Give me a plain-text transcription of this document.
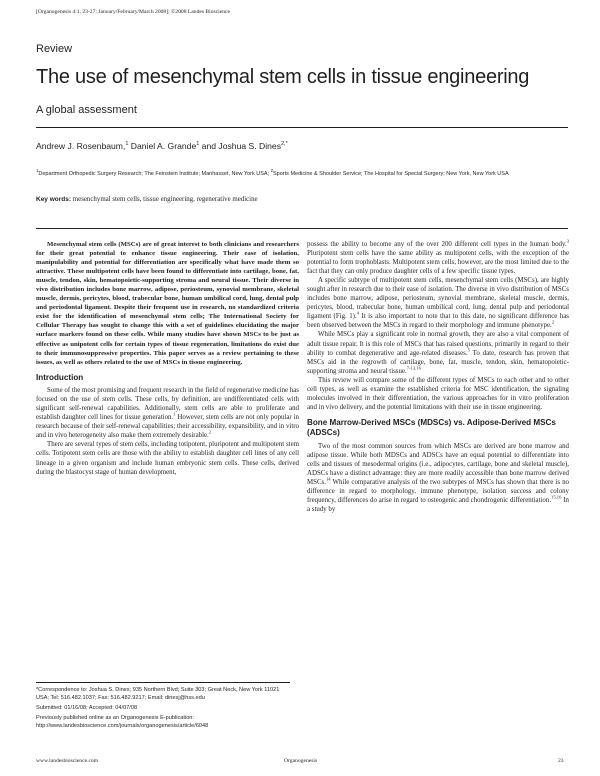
[Organogenesis 4:1, 23-27; January/February/March 2008]; ©2008 Landes Bioscience
Review
The use of mesenchymal stem cells in tissue engineering
A global assessment
Andrew J. Rosenbaum,$^1$ Daniel A. Grande$^1$ and Joshua S. Dines$^{2,*}$
$^1$Department Orthopedic Surgery Research; The Feinstein Institute; Manhasset, New York USA; $^2$Sports Medicine & Shoulder Service; The Hospital for Special Surgery; New York, New York USA
Key words: mesenchymal stem cells, tissue engineering, regenerative medicine

Mesenchymal stem cells (MSCs) are of great interest to both clinicians and researchers for their great potential to enhance tissue engineering. Their ease of isolation, manipulability and potential for differentiation are specifically what have made them so attractive. These multipotent cells have been found to differentiate into cartilage, bone, fat, muscle, tendon, skin, hematopoietic-supporting stroma and neural tissue. Their diverse in vivo distribution includes bone marrow, adipose, periosteum, synovial membrane, skeletal muscle, dermis, pericytes, blood, trabecular bone, human umbilical cord, lung, dental pulp and periodontal ligament. Despite their frequent use in research, no standardized criteria exist for the identification of mesenchymal stem cells; The International Society for Cellular Therapy has sought to change this with a set of guidelines elucidating the major surface markers found on these cells. While many studies have shown MSCs to be just as effective as unipotent cells for certain types of tissue regeneration, limitations do exist due to their immunosuppressive properties. This paper serves as a review pertaining to these issues, as well as others related to the use of MSCs in tissue engineering.

Introduction

Some of the most promising and frequent research in the field of regenerative medicine has focused on the use of stem cells. These cells, by definition, are undifferentiated cells with significant self-renewal capabilities. Additionally, stem cells are able to proliferate and establish daughter cell lines for tissue generation.$^1$ However, stem cells are not only popular in research because of their self-renewal capabilities; their accessibility, expansibility, and in vitro and in vivo heterogeneity also make them extremely desirable.$^2$

There are several types of stem cells, including totipotent, pluripotent and multipotent stem cells. Totipotent stem cells are those with the ability to establish daughter cell lines of any cell lineage in a given organism and include human embryonic stem cells. These cells, derived during the blastocyst stage of human development,

possess the ability to become any of the over 200 different cell types in the human body.$^3$ Pluripotent stem cells have the same ability as multipotent cells, with the exception of the potential to form trophoblasts. Multipotent stem cells, however, are the most limited due to the fact that they can only produce daughter cells of a few specific tissue types.

A specific subtype of multipotent stem cells, mesenchymal stem cells (MSCs), are highly sought after in research due to their ease of isolation. The diverse in vivo distribution of MSCs includes bone marrow, adipose, periosteum, synovial membrane, skeletal muscle, dermis, pericytes, blood, trabecular bone, human umbilical cord, lung, dental pulp and periodontal ligament (Fig. 1).$^4$ It is also important to note that to this date, no significant difference has been observed between the MSCs in regard to their morphology and immune phenotype.$^2$

While MSCs play a significant role in normal growth, they are also a vital component of adult tissue repair. It is this role of MSCs that has raised questions, primarily in regard to their ability to combat degenerative and age-related diseases.$^5$ To date, research has proven that MSCs aid in the regrowth of cartilage, bone, fat, muscle, tendon, skin, hematopoietic-supporting stroma and neural tissue.$^{7-13,16}$

This review will compare some of the different types of MSCs to each other and to other cell types, as well as examine the established criteria for MSC identification, the signaling molecules involved in their differentiation, the various approaches for in vitro proliferation and in vivo delivery, and the potential limitations with their use in tissue engineering.

Bone Marrow-Derived MSCs (MDSCs) vs. Adipose-Derived MSCs (ADSCs)

Two of the most common sources from which MSCs are derived are bone marrow and adipose tissue. While both MDSCs and ADSCs have an equal potential to differentiate into cells and tissues of mesodermal origins (i.e., adipocytes, cartilage, bone and skeletal muscle), ADSCs have a distinct advantage: they are more readily accessible than bone marrow derived MSCs.$^{14}$ While comparative analysis of the two subtypes of MSCs has shown that there is no difference in regard to morphology, immune phenotype, isolation success and colony frequency, differences do arise in regard to osteogenic and chondrogenic differentiation.$^{15,16}$ In a study by

*Correspondence to: Joshua S. Dines; 935 Northern Blvd; Suite 303; Great Neck, New York 11021 USA; Tel: 516.482.1037; Fax: 516.482.9217; Email: dinesj@hss.edu

Submitted: 01/16/08; Accepted: 04/07/08

Previously published online as an Organogenesis E-publication: http://www.landesbioscience.com/journals/organogenesis/article/6048

www.landesbioscience.com	Organogenesis	23
